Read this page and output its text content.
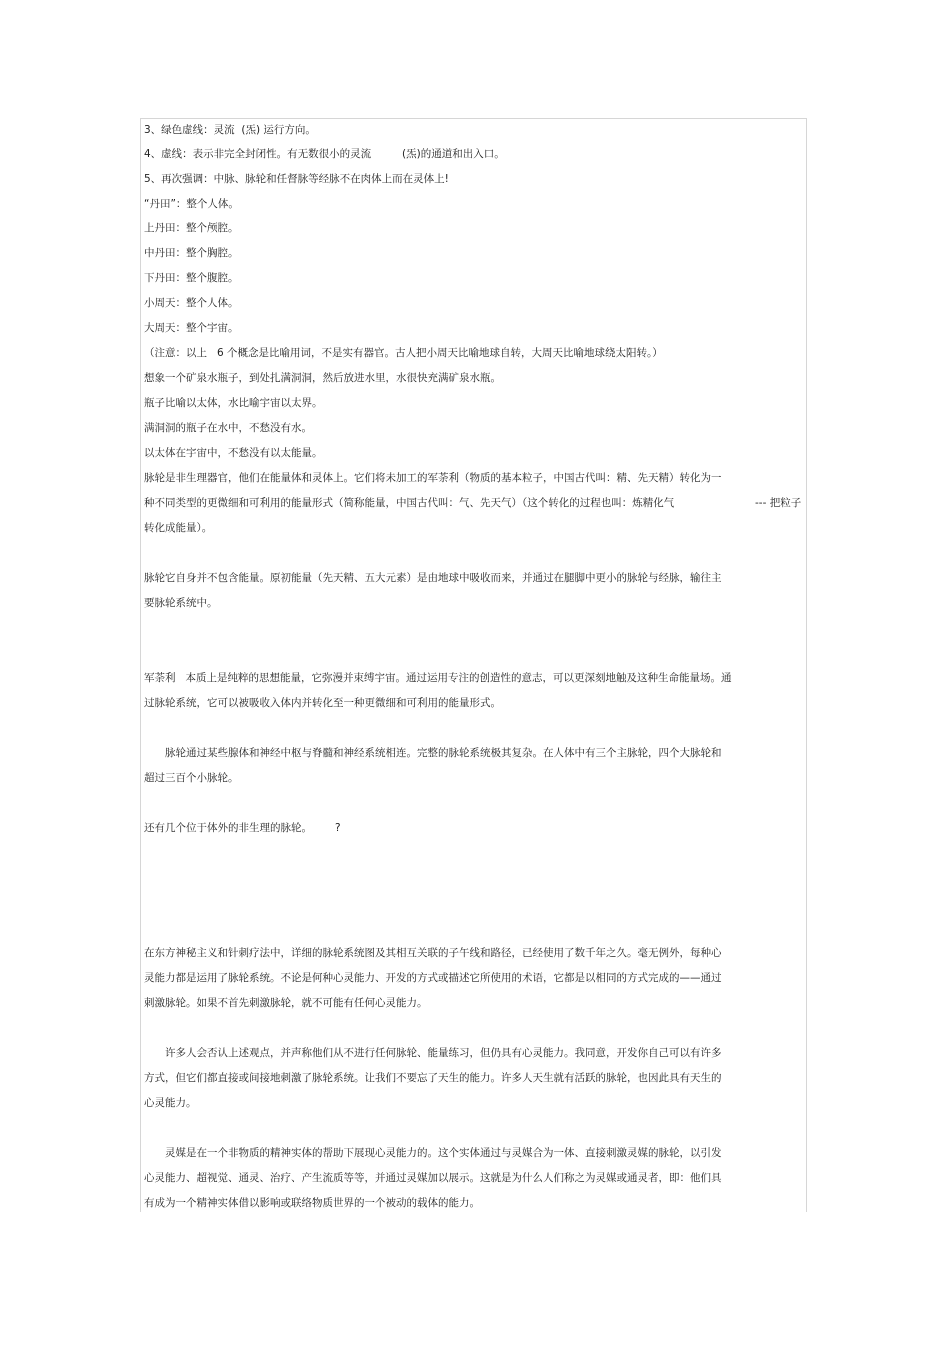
3、绿色虚线：灵流  (炁) 运行方向。
4、虚线：表示非完全封闭性。有无数很小的灵流	(炁)的通道和出入口。
5、再次强调：中脉、脉轮和任督脉等经脉不在肉体上而在灵体上!
“丹田”：整个人体。
上丹田：整个颅腔。
中丹田：整个胸腔。
下丹田：整个腹腔。
小周天：整个人体。
大周天：整个宇宙。
（注意：以上   6 个概念是比喻用词，不是实有器官。古人把小周天比喻地球自转，大周天比喻地球绕太阳转。）
想象一个矿泉水瓶子，到处扎满洞洞，然后放进水里，水很快充满矿泉水瓶。
瓶子比喻以太体，水比喻宇宙以太界。
满洞洞的瓶子在水中，不愁没有水。
以太体在宇宙中，不愁没有以太能量。
脉轮是非生理器官，他们在能量体和灵体上。它们将未加工的军荼利（物质的基本粒子，中国古代叫：精、先天精）转化为一
种不同类型的更微细和可利用的能量形式（简称能量，中国古代叫：气、先天气）（这个转化的过程也叫：炼精化气	--- 把粒子
转化成能量）。
脉轮它自身并不包含能量。原初能量（先天精、五大元素）是由地球中吸收而来，并通过在腿脚中更小的脉轮与经脉，输往主
要脉轮系统中。
军荼利   本质上是纯粹的思想能量，它弥漫并束缚宇宙。通过运用专注的创造性的意志，可以更深刻地触及这种生命能量场。通
过脉轮系统，它可以被吸收入体内并转化至一种更微细和可利用的能量形式。
脉轮通过某些腺体和神经中枢与脊髓和神经系统相连。完整的脉轮系统极其复杂。在人体中有三个主脉轮，四个大脉轮和
超过三百个小脉轮。
还有几个位于体外的非生理的脉轮。 ?
在东方神秘主义和针刺疗法中，详细的脉轮系统图及其相互关联的子午线和路径，已经使用了数千年之久。毫无例外，每种心
灵能力都是运用了脉轮系统。不论是何种心灵能力、开发的方式或描述它所使用的术语，它都是以相同的方式完成的——通过
刺激脉轮。如果不首先刺激脉轮，就不可能有任何心灵能力。
许多人会否认上述观点，并声称他们从不进行任何脉轮、能量练习，但仍具有心灵能力。我同意，开发你自己可以有许多
方式，但它们都直接或间接地刺激了脉轮系统。让我们不要忘了天生的能力。许多人天生就有活跃的脉轮，也因此具有天生的
心灵能力。
灵媒是在一个非物质的精神实体的帮助下展现心灵能力的。这个实体通过与灵媒合为一体、直接刺激灵媒的脉轮，以引发
心灵能力、超视觉、通灵、治疗、产生流质等等，并通过灵媒加以展示。这就是为什么人们称之为灵媒或通灵者，即：他们具
有成为一个精神实体借以影响或联络物质世界的一个被动的载体的能力。
